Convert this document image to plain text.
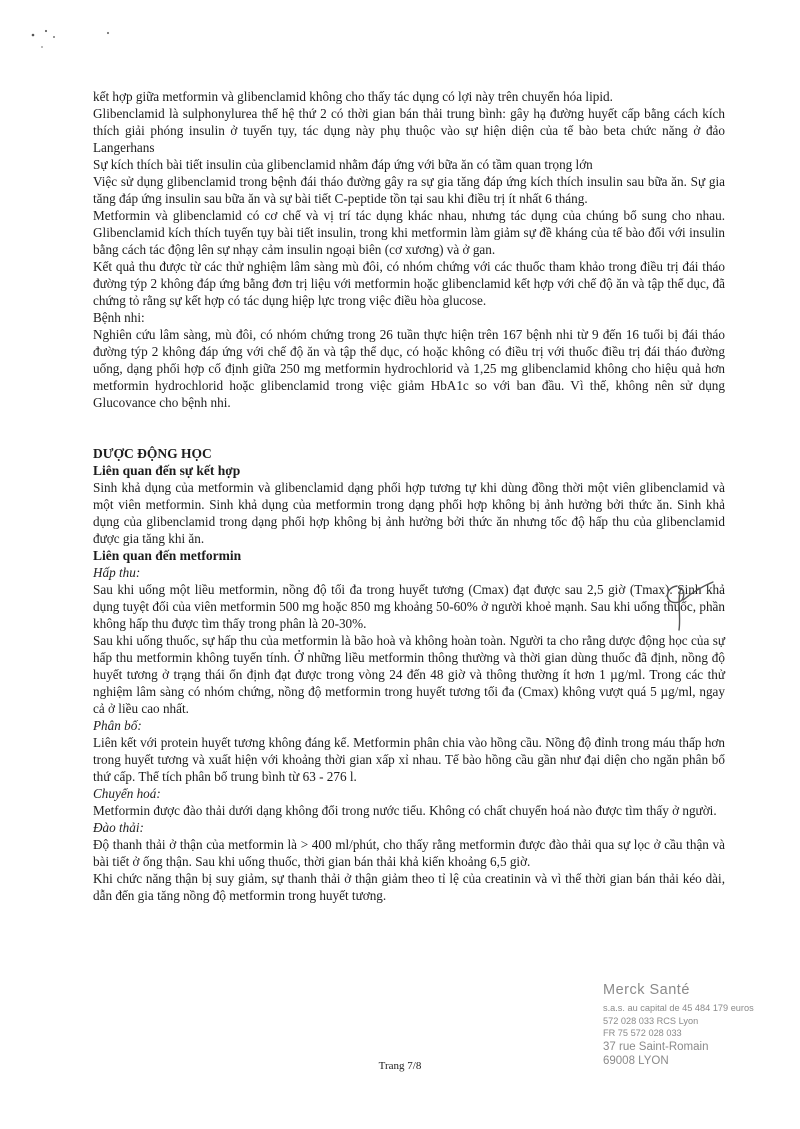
kết hợp giữa metformin và glibenclamid không cho thấy tác dụng có lợi này trên chuyển hóa lipid.

Glibenclamid là sulphonylurea thế hệ thứ 2 có thời gian bán thải trung bình: gây hạ đường huyết cấp bằng cách kích thích giải phóng insulin ở tuyến tụy, tác dụng này phụ thuộc vào sự hiện diện của tế bào beta chức năng ở đảo Langerhans

Sự kích thích bài tiết insulin của glibenclamid nhằm đáp ứng với bữa ăn có tầm quan trọng lớn

Việc sử dụng glibenclamid trong bệnh đái tháo đường gây ra sự gia tăng đáp ứng kích thích insulin sau bữa ăn. Sự gia tăng đáp ứng insulin sau bữa ăn và sự bài tiết C-peptide tồn tại sau khi điều trị ít nhất 6 tháng.

Metformin và glibenclamid có cơ chế và vị trí tác dụng khác nhau, nhưng tác dụng của chúng bổ sung cho nhau. Glibenclamid kích thích tuyến tụy bài tiết insulin, trong khi metformin làm giảm sự đề kháng của tế bào đối với insulin bằng cách tác động lên sự nhạy cảm insulin ngoại biên (cơ xương) và ở gan.

Kết quả thu được từ các thử nghiệm lâm sàng mù đôi, có nhóm chứng với các thuốc tham khảo trong điều trị đái tháo đường týp 2 không đáp ứng bằng đơn trị liệu với metformin hoặc glibenclamid kết hợp với chế độ ăn và tập thể dục, đã chứng tỏ rằng sự kết hợp có tác dụng hiệp lực trong việc điều hòa glucose.

Bệnh nhi:

Nghiên cứu lâm sàng, mù đôi, có nhóm chứng trong 26 tuần thực hiện trên 167 bệnh nhi từ 9 đến 16 tuổi bị đái tháo đường týp 2 không đáp ứng với chế độ ăn và tập thể dục, có hoặc không có điều trị với thuốc điều trị đái tháo đường uống, dạng phối hợp cố định giữa 250 mg metformin hydrochlorid và 1,25 mg glibenclamid không cho hiệu quả hơn metformin hydrochlorid hoặc glibenclamid trong việc giảm HbA1c so với ban đầu. Vì thế, không nên sử dụng Glucovance cho bệnh nhi.

DƯỢC ĐỘNG HỌC

Liên quan đến sự kết hợp

Sinh khả dụng của metformin và glibenclamid dạng phối hợp tương tự khi dùng đồng thời một viên glibenclamid và một viên metformin. Sinh khả dụng của metformin trong dạng phối hợp không bị ảnh hưởng bởi thức ăn. Sinh khả dụng của glibenclamid trong dạng phối hợp không bị ảnh hưởng bởi thức ăn nhưng tốc độ hấp thu của glibenclamid được gia tăng khi ăn.

Liên quan đến metformin

Hấp thu:

Sau khi uống một liều metformin, nồng độ tối đa trong huyết tương (Cmax) đạt được sau 2,5 giờ (Tmax). Sinh khả dụng tuyệt đối của viên metformin 500 mg hoặc 850 mg khoảng 50-60% ở người khoẻ mạnh. Sau khi uống thuốc, phần không hấp thu được tìm thấy trong phân là 20-30%.

Sau khi uống thuốc, sự hấp thu của metformin là bão hoà và không hoàn toàn. Người ta cho rằng dược động học của sự hấp thu metformin không tuyến tính. Ở những liều metformin thông thường và thời gian dùng thuốc đã định, nồng độ huyết tương ở trạng thái ổn định đạt được trong vòng 24 đến 48 giờ và thông thường ít hơn 1 µg/ml. Trong các thử nghiệm lâm sàng có nhóm chứng, nồng độ metformin trong huyết tương tối đa (Cmax) không vượt quá 5 µg/ml, ngay cả ở liều cao nhất.

Phân bố:

Liên kết với protein huyết tương không đáng kể. Metformin phân chia vào hồng cầu. Nồng độ đỉnh trong máu thấp hơn trong huyết tương và xuất hiện với khoảng thời gian xấp xỉ nhau. Tế bào hồng cầu gần như đại diện cho ngăn phân bố thứ cấp. Thể tích phân bố trung bình từ 63 - 276 l.

Chuyển hoá:

Metformin được đào thải dưới dạng không đổi trong nước tiểu. Không có chất chuyển hoá nào được tìm thấy ở người.

Đào thải:

Độ thanh thải ở thận của metformin là > 400 ml/phút, cho thấy rằng metformin được đào thải qua sự lọc ở cầu thận và bài tiết ở ống thận. Sau khi uống thuốc, thời gian bán thải khả kiến khoảng 6,5 giờ.

Khi chức năng thận bị suy giảm, sự thanh thải ở thận giảm theo tỉ lệ của creatinin và vì thế thời gian bán thải kéo dài, dẫn đến gia tăng nồng độ metformin trong huyết tương.

Merck Santé
s.a.s. au capital de 45 484 179 euros
572 028 033 RCS Lyon
FR 75 572 028 033
37 rue Saint-Romain
69008 LYON
Trang 7/8
